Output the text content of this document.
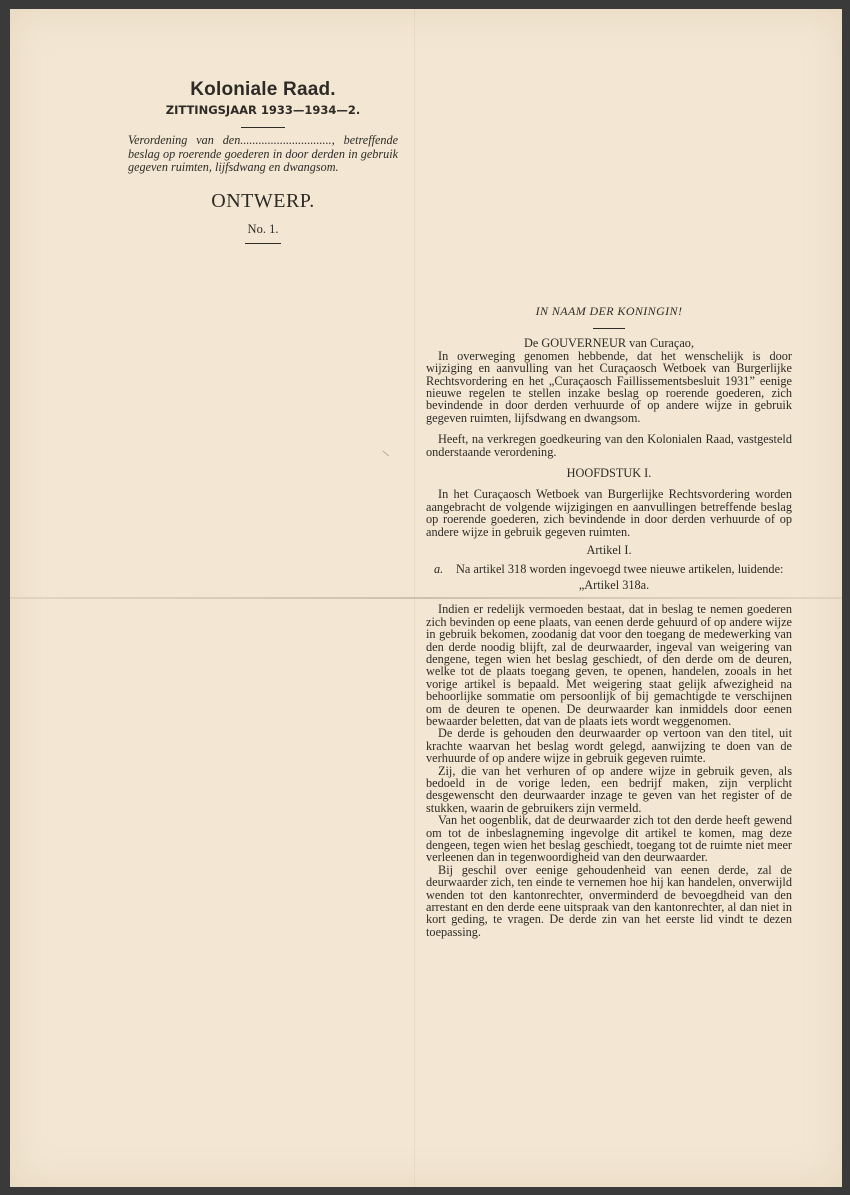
Koloniale Raad.
ZITTINGSJAAR 1933—1934—2.
Verordening van den.............................., betreffende beslag op roerende goederen in door derden in gebruik gegeven ruimten, lijfsdwang en dwangsom.
ONTWERP.
No. 1.
\
IN NAAM DER KONINGIN!
De GOUVERNEUR van Curaçao,

In overweging genomen hebbende, dat het wenschelijk is door wijziging en aanvulling van het Curaçaosch Wetboek van Burgerlijke Rechtsvordering en het „Curaçaosch Faillissementsbesluit 1931” eenige nieuwe regelen te stellen inzake beslag op roerende goederen, zich bevindende in door derden verhuurde of op andere wijze in gebruik gegeven ruimten, lijfsdwang en dwangsom.

Heeft, na verkregen goedkeuring van den Kolonialen Raad, vastgesteld onderstaande verordening.

HOOFDSTUK I.

In het Curaçaosch Wetboek van Burgerlijke Rechtsvordering worden aangebracht de volgende wijzigingen en aanvullingen betreffende beslag op roerende goederen, zich bevindende in door derden verhuurde of op andere wijze in gebruik gegeven ruimten.

Artikel I.
a.	Na artikel 318 worden ingevoegd twee nieuwe artikelen, luidende:
„Artikel 318a.

Indien er redelijk vermoeden bestaat, dat in beslag te nemen goederen zich bevinden op eene plaats, van eenen derde gehuurd of op andere wijze in gebruik bekomen, zoodanig dat voor den toegang de medewerking van den derde noodig blijft, zal de deurwaarder, ingeval van weigering van dengene, tegen wien het beslag geschiedt, of den derde om de deuren, welke tot de plaats toegang geven, te openen, handelen, zooals in het vorige artikel is bepaald. Met weigering staat gelijk afwezigheid na behoorlijke sommatie om persoonlijk of bij gemachtigde te verschijnen om de deuren te openen. De deurwaarder kan inmiddels door eenen bewaarder beletten, dat van de plaats iets wordt weggenomen.

De derde is gehouden den deurwaarder op vertoon van den titel, uit krachte waarvan het beslag wordt gelegd, aanwijzing te doen van de verhuurde of op andere wijze in gebruik gegeven ruimte.

Zij, die van het verhuren of op andere wijze in gebruik geven, als bedoeld in de vorige leden, een bedrijf maken, zijn verplicht desgewenscht den deurwaarder inzage te geven van het register of de stukken, waarin de gebruikers zijn vermeld.

Van het oogenblik, dat de deurwaarder zich tot den derde heeft gewend om tot de inbeslagneming ingevolge dit artikel te komen, mag deze dengeen, tegen wien het beslag geschiedt, toegang tot de ruimte niet meer verleenen dan in tegenwoordigheid van den deurwaarder.

Bij geschil over eenige gehoudenheid van eenen derde, zal de deurwaarder zich, ten einde te vernemen hoe hij kan handelen, onverwijld wenden tot den kantonrechter, onverminderd de bevoegdheid van den arrestant en den derde eene uitspraak van den kantonrechter, al dan niet in kort geding, te vragen. De derde zin van het eerste lid vindt te dezen toepassing.
